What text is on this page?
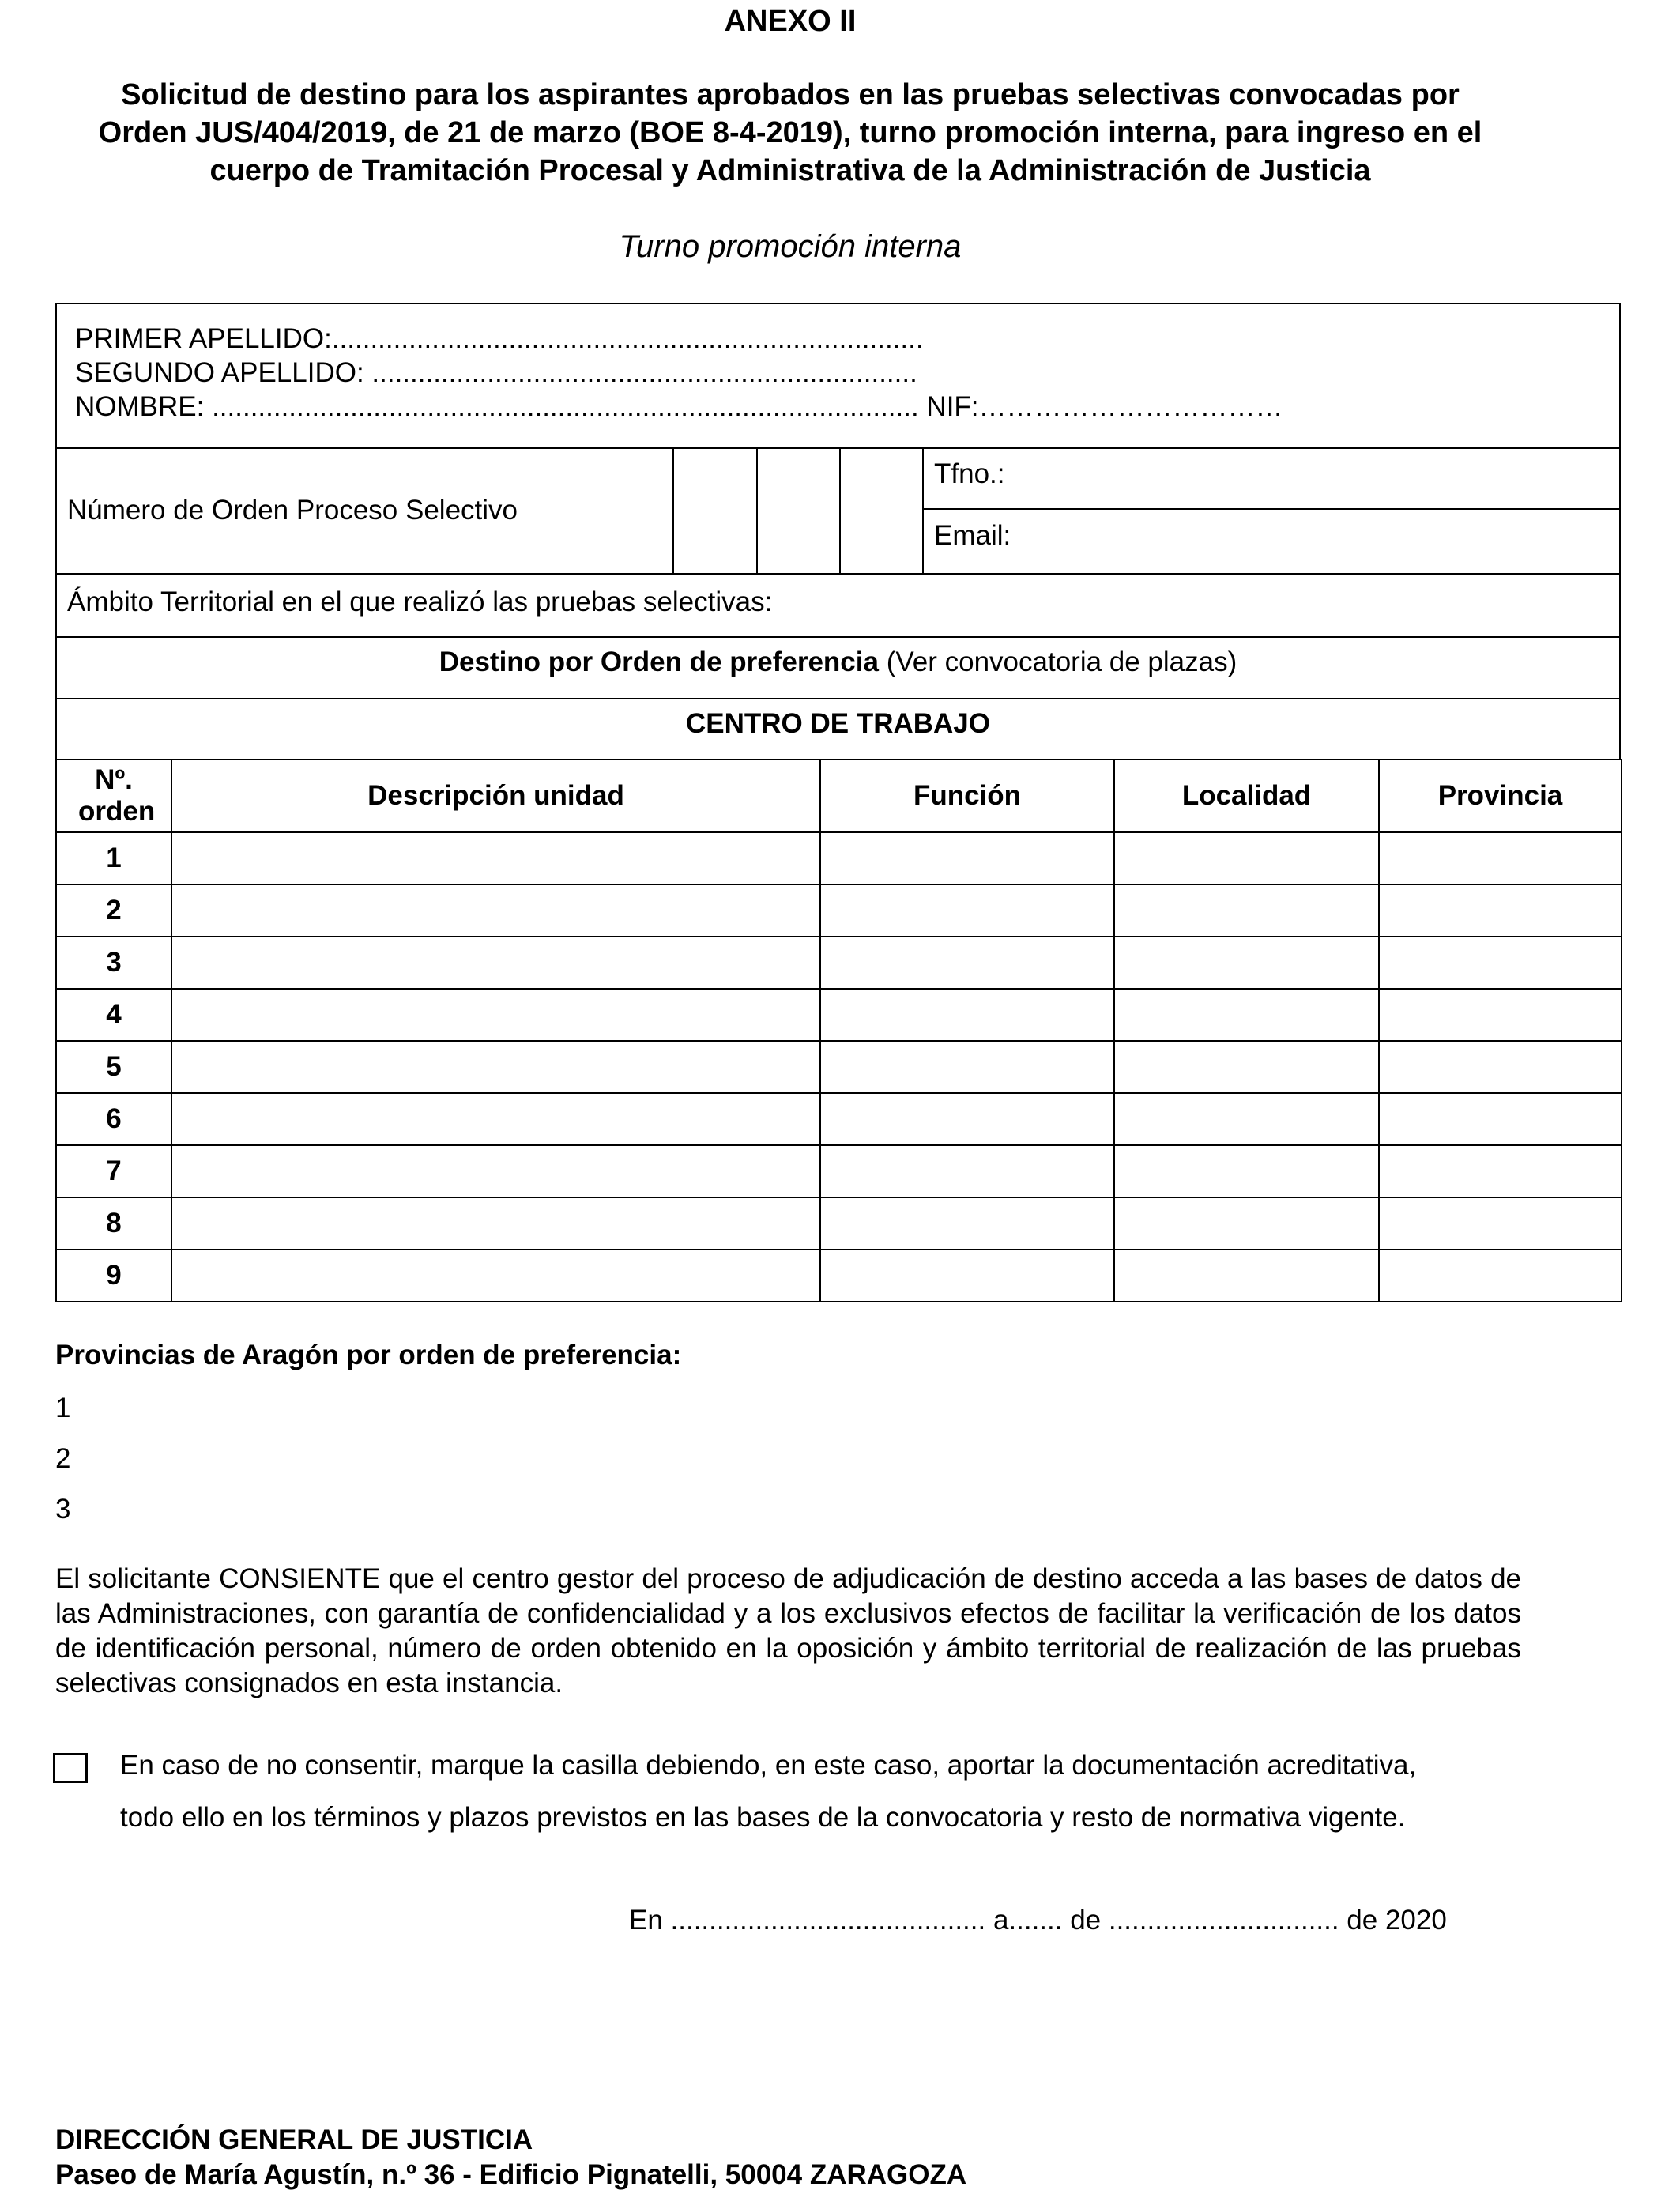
ANEXO II
Solicitud de destino para los aspirantes aprobados en las pruebas selectivas convocadas por
Orden JUS/404/2019, de 21 de marzo (BOE 8-4-2019), turno promoción interna, para ingreso en el
cuerpo de Tramitación Procesal y Administrativa de la Administración de Justicia
Turno promoción interna
PRIMER APELLIDO:.............................................................................
SEGUNDO APELLIDO: .......................................................................
NOMBRE: ............................................................................................ NIF:……………………………
Número de Orden Proceso Selectivo
Tfno.:
Email:
Ámbito Territorial en el que realizó las pruebas selectivas:
Destino por Orden de preferencia (Ver convocatoria de plazas)
CENTRO DE TRABAJO
Nº. orden	Descripción unidad	Función	Localidad	Provincia
1				
2				
3				
4				
5				
6				
7				
8				
9				
Provincias de Aragón por orden de preferencia:
1
2
3
El solicitante CONSIENTE que el centro gestor del proceso de adjudicación de destino acceda a las bases de datos de las Administraciones, con garantía de confidencialidad y a los exclusivos efectos de facilitar la verificación de los datos de identificación personal, número de orden obtenido en la oposición y ámbito territorial de realización de las pruebas selectivas consignados en esta instancia.
En caso de no consentir, marque la casilla debiendo, en este caso, aportar la documentación acreditativa,
todo ello en los términos y plazos previstos en las bases de la convocatoria y resto de normativa vigente.
En ......................................... a....... de .............................. de 2020
DIRECCIÓN GENERAL DE JUSTICIA
Paseo de María Agustín, n.º 36 - Edificio Pignatelli, 50004 ZARAGOZA
